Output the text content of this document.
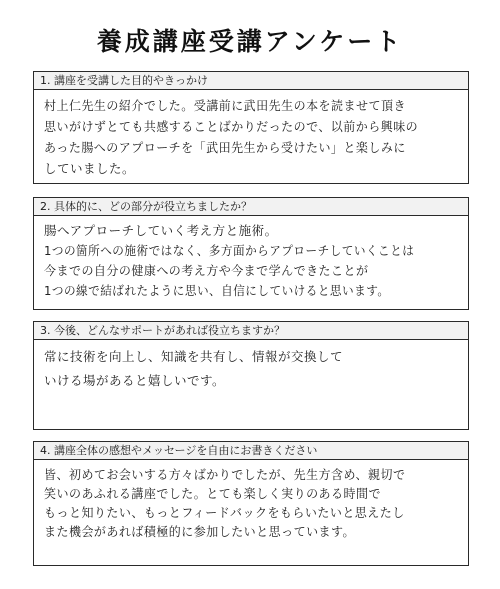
養成講座受講アンケート
1. 講座を受講した目的やきっかけ
村上仁先生の紹介でした。受講前に武田先生の本を読ませて頂き
思いがけずとても共感することばかりだったので、以前から興味の
あった腸へのアプローチを「武田先生から受けたい」と楽しみに
していました。
2. 具体的に、どの部分が役立ちましたか？
腸へアプローチしていく考え方と施術。
1つの箇所への施術ではなく、多方面からアプローチしていくことは
今までの自分の健康への考え方や今まで学んできたことが
1つの線で結ばれたように思い、自信にしていけると思います。
3. 今後、どんなサポートがあれば役立ちますか？
常に技術を向上し、知識を共有し、情報が交換して
いける場があると嬉しいです。
4. 講座全体の感想やメッセージを自由にお書きください
皆、初めてお会いする方々ばかりでしたが、先生方含め、親切で
笑いのあふれる講座でした。とても楽しく実りのある時間で
もっと知りたい、もっとフィードバックをもらいたいと思えたし
また機会があれば積極的に参加したいと思っています。
